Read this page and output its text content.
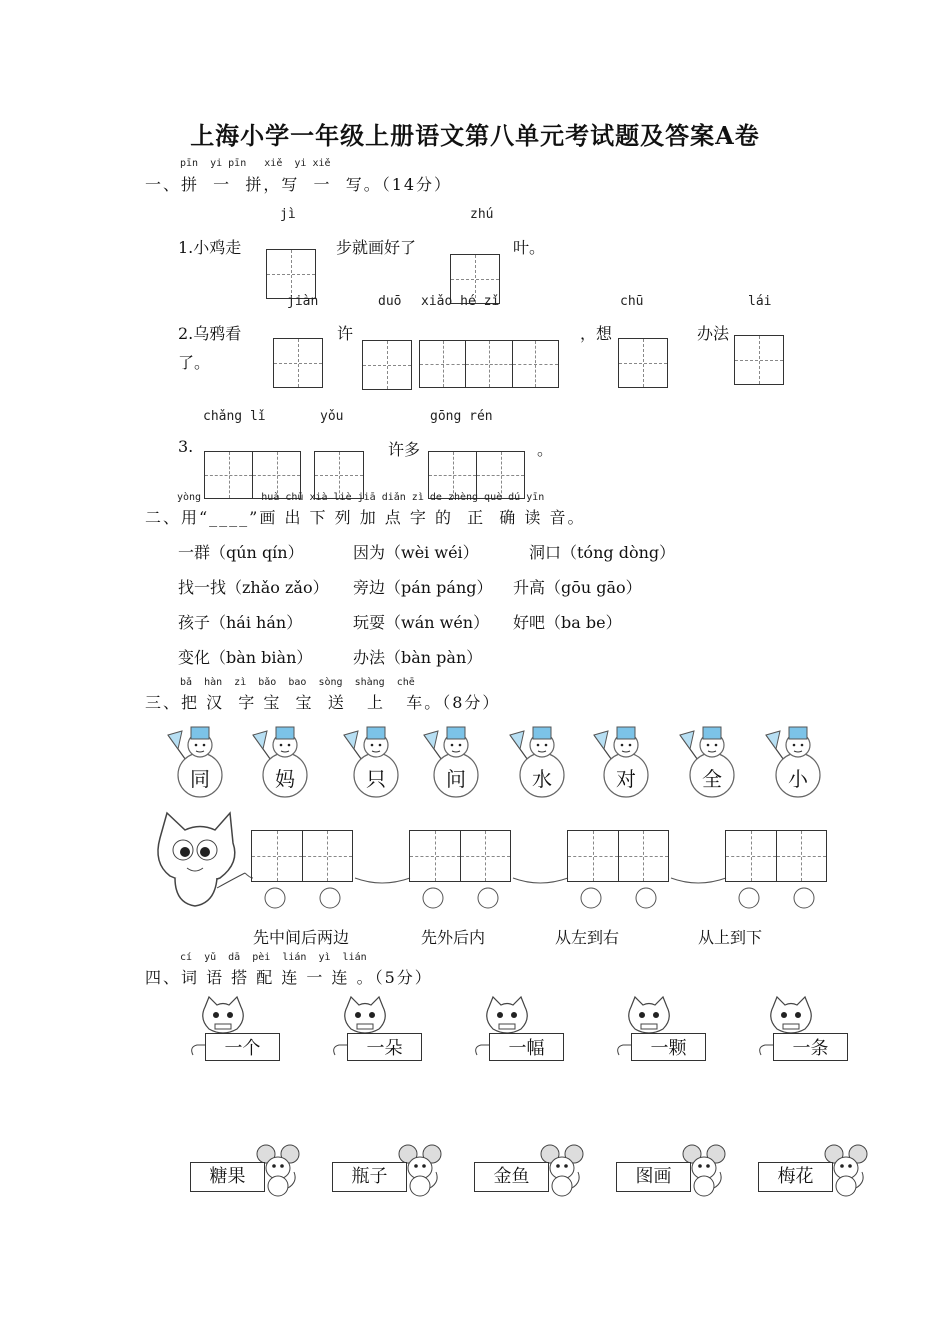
上海小学一年级上册语文第八单元考试题及答案A卷
pīn  yi pīn   xiě  yi xiě
一、拼  一  拼，写  一  写。（14分）
jì	zhú
1.小鸡走	步就画好了	叶。
jiàn	duō xiǎo hé zǐ	chū	lái
2.乌鸦看
了。
许	，想	办法
chǎng lǐ	yǒu	gōng rén
3.	许多	。
yòng          huà chū xià liè jiā diǎn zì de zhèng què dú yīn
二、用“____”画 出 下 列 加 点 字 的  正  确 读 音。
一群（qún qín）	因为（wèi wéi）	洞口（tóng dòng）
找一找（zhǎo zǎo） 旁边（pán páng） 升高（gōu gāo）
孩子（hái hán）	玩耍（wán wén） 好吧（ba be）
变化（bàn biàn）	办法（bàn pàn）
bǎ  hàn  zì  bǎo  bao  sòng  shàng  chē
三、把 汉  字 宝  宝  送   上   车。（8分）
同	妈	只	问	水	对	全	小
先中间后两边	先外后内	从左到右	从上到下
cí  yǔ  dā  pèi  lián  yì  lián
四、词 语 搭 配 连 一 连 。（5分）
一个	一朵	一幅	一颗	一条
糖果	瓶子	金鱼	图画	梅花
